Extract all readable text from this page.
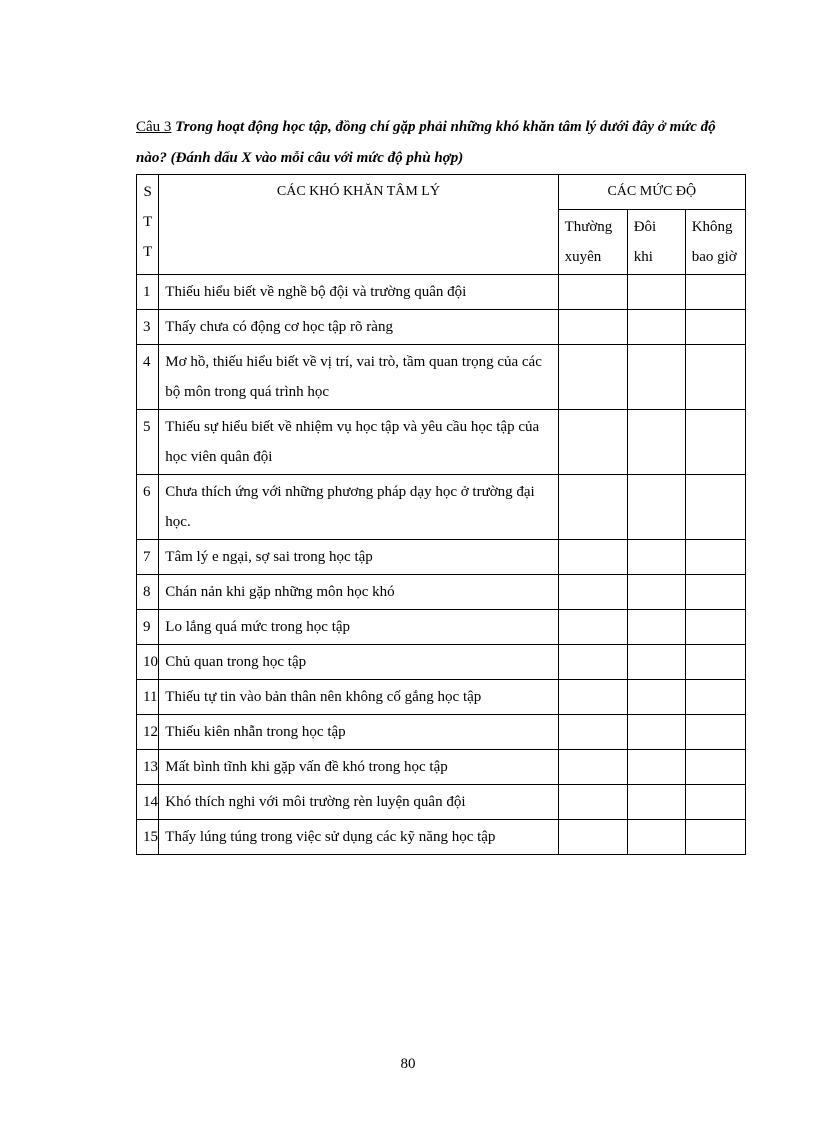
Câu 3 Trong hoạt động học tập, đồng chí gặp phải những khó khăn tâm lý dưới đây ở mức độ nào? (Đánh dấu X vào mỗi câu với mức độ phù hợp)

S
T
T	CÁC KHÓ KHĂN TÂM LÝ	CÁC MỨC ĐỘ		
		Thường xuyên	Đôi khi	Không bao giờ
1	Thiếu hiểu biết về nghề bộ đội và trường quân đội			
3	Thấy chưa có động cơ học tập rõ ràng			
4	Mơ hồ, thiếu hiểu biết về vị trí, vai trò, tầm quan trọng của các bộ môn trong quá trình học			
5	Thiếu sự hiểu biết về nhiệm vụ học tập và yêu cầu học tập của học viên quân đội			
6	Chưa thích ứng với những phương pháp dạy học ở trường đại học.			
7	Tâm lý e ngại, sợ sai trong học tập			
8	Chán nản khi gặp những môn học khó			
9	Lo lắng quá mức trong học tập			
10	Chủ quan trong học tập			
11	Thiếu tự tin vào bản thân nên không cố gắng học tập			
12	Thiếu kiên nhẫn trong học tập			
13	Mất bình tĩnh khi gặp vấn đề khó trong học tập			
14	Khó thích nghi với môi trường rèn luyện quân đội			
15	Thấy lúng túng trong việc sử dụng các kỹ năng học tập			
80
